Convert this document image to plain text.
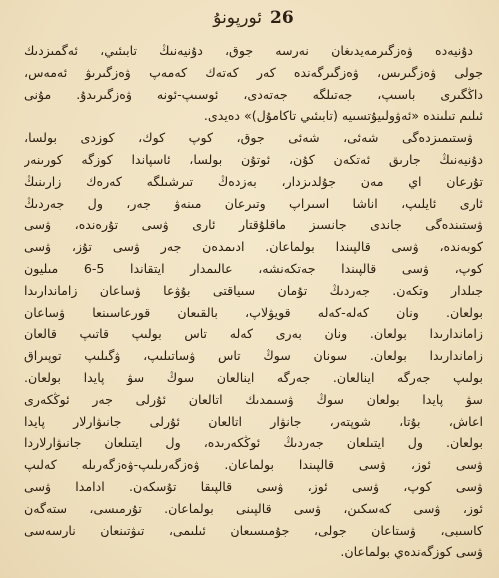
26
ئورپونۇ
دۇنيەدە ۋەزگىرمەيدىغان نەرسە جوق، دۇنيەنىڭ تابىئىي، ئەگمىزدىك
جولى ۋەزگىرىس، ۋەزگىرگەندە كەر كەتەك كەمەپ ۋەزگىرىۋ ئەمەس،
داڭگىرى باسىپ، جەتىلگە جەتەدى، ئوسىپ-ئونە ۋەزگىرىدۇ. مۇنى
ئىلىم تىلىندە «ئەۋولىيۇتسىيە (تابىئىي تاكامۇل)» دەيدى.
ۋستىمىزدەگى شەئى، شەئى جوق، كوپ كوك، كوزدى بولسا،
دۇنيەنىڭ جارىق ئەتكەن كۇن، ئوتۇن بولسا، ئاسپاندا كوزگە كورىنەر
تۇرعان اي مەن جۇلدىزدار، بەزدەڭ تىرشىلگە كەرەك زارىنىڭ
ئارى ئايلىپ، اناشا اسىراپ وتىرعان مىنەۋ جەر، ول جەردىڭ
ۋستىندەگى جاندى جانسىز ماقلۇقتار ئارى ۋسى تۇرەندە، ۋسى
كوبەندە، ۋسى قالپىندا بولماعان. ادىمدەن جەر ۋسى تۇز، ۋسى
كوپ، ۋسى قالپىندا جەتكەنشە، عالىمدار ايتقاندا 5-6 مىليون
جىلدار وتكەن. جەردىڭ تۇمان سىياقتى بۇۋعا ۋساعان زاماندارىدا
بولعان. ونان كەلە-كەلە قويۋلاپ، بالقىعان قورعاسىنعا ۋساعان
زاماندارىدا بولعان. ونان بەرى كەلە تاس بولىپ قاتىپ قالعان
زاماندارىدا بولعان. سونان سوڭ تاس ۋساتىلىپ، ۋگىلىپ توپىراق
بولىپ جەرگە اينالعان. جەرگە اينالعان سوڭ سۋ پايدا بولعان.
سۋ پايدا بولعان سوڭ ۋسىمدىك اتالعان ئۇرلى جەر ئوڭكەرى
اعاش، بۇتا، شوپتەر، جانۋار اتالعان ئۇرلى جانىۋارلار پايدا
بولعان. ول ايتىلعان جەردىڭ ئوڭكەرىدە، ول ايتىلعان جانىۋارلاردا
ۋسى ئوز، ۋسى قالپىندا بولماعان. ۋەزگەرىلىپ-ۋەزگەرىلە كەلىپ
ۋسى كوپ، ۋسى ئوز، ۋسى قالپىقا تۇسكەن. ادامدا ۋسى
ئوز، ۋسى كەسكىن، ۋسى قالپىنى بولماعان. تۇرمىسى، ستەگەن
كاسىبى، ۋستاعان جولى، جۇمىسىعان ئىلىمى، تىۋتىنعان نارسەسى
ۋسى كوزگەندەي بولماعان.
